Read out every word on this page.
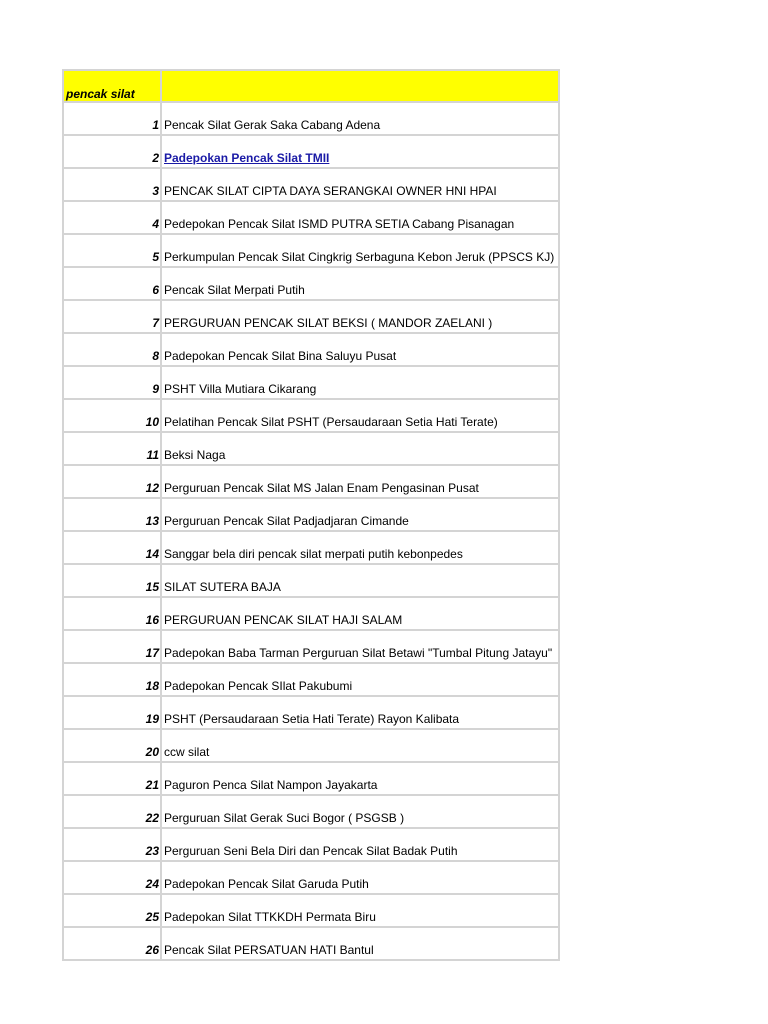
pencak silat	
1	Pencak Silat Gerak Saka Cabang Adena
2	Padepokan Pencak Silat TMII
3	PENCAK SILAT CIPTA DAYA SERANGKAI OWNER HNI HPAI
4	Pedepokan Pencak Silat ISMD PUTRA SETIA Cabang Pisanagan
5	Perkumpulan Pencak Silat Cingkrig Serbaguna Kebon Jeruk (PPSCS KJ)
6	Pencak Silat Merpati Putih
7	PERGURUAN PENCAK SILAT BEKSI ( MANDOR ZAELANI )
8	Padepokan Pencak Silat Bina Saluyu Pusat
9	PSHT Villa Mutiara Cikarang
10	Pelatihan Pencak Silat PSHT (Persaudaraan Setia Hati Terate)
11	Beksi Naga
12	Perguruan Pencak Silat MS Jalan Enam Pengasinan Pusat
13	Perguruan Pencak Silat Padjadjaran Cimande
14	Sanggar bela diri pencak silat merpati putih kebonpedes
15	SILAT SUTERA BAJA
16	PERGURUAN PENCAK SILAT HAJI SALAM
17	Padepokan Baba Tarman Perguruan Silat Betawi "Tumbal Pitung Jatayu"
18	Padepokan Pencak SIlat Pakubumi
19	PSHT (Persaudaraan Setia Hati Terate) Rayon Kalibata
20	ccw silat
21	Paguron Penca Silat Nampon Jayakarta
22	Perguruan Silat Gerak Suci Bogor ( PSGSB )
23	Perguruan Seni Bela Diri dan Pencak Silat Badak Putih
24	Padepokan Pencak Silat Garuda Putih
25	Padepokan Silat TTKKDH Permata Biru
26	Pencak Silat PERSATUAN HATI Bantul
